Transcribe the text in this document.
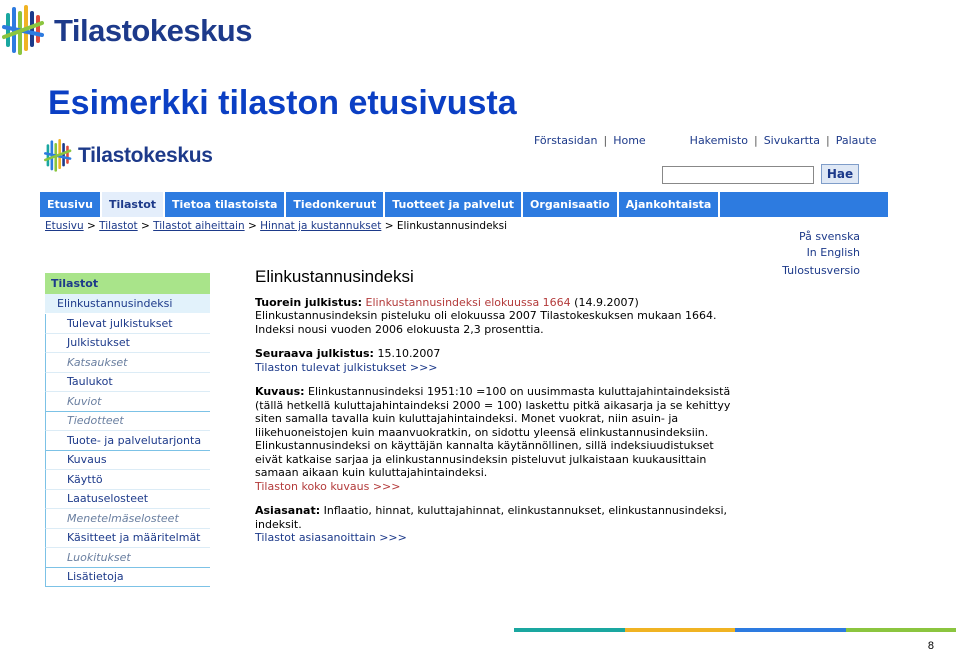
Tilastokeskus
Esimerkki tilaston etusivusta
Tilastokeskus
Förstasidan | Home	Hakemisto | Sivukartta | Palaute
Hae
Etusivu	Tilastot	Tietoa tilastoista	Tiedonkeruut	Tuotteet ja palvelut	Organisaatio	Ajankohtaista
Etusivu > Tilastot > Tilastot aiheittain > Hinnat ja kustannukset > Elinkustannusindeksi
På svenska
In English
Tulostusversio
Tilastot
Elinkustannusindeksi
Tulevat julkistukset
Julkistukset
Katsaukset
Taulukot
Kuviot
Tiedotteet
Tuote- ja palvelutarjonta
Kuvaus
Käyttö
Laatuselosteet
Menetelmäselosteet
Käsitteet ja määritelmät
Luokitukset
Lisätietoja
Elinkustannusindeksi
Tuorein julkistus: Elinkustannusindeksi elokuussa 1664 (14.9.2007)
Elinkustannusindeksin pisteluku oli elokuussa 2007 Tilastokeskuksen mukaan 1664. Indeksi nousi vuoden 2006 elokuusta 2,3 prosenttia.
Seuraava julkistus: 15.10.2007
Tilaston tulevat julkistukset >>>
Kuvaus: Elinkustannusindeksi 1951:10 =100 on uusimmasta kuluttajahintaindeksistä (tällä hetkellä kuluttajahintaindeksi 2000 = 100) laskettu pitkä aikasarja ja se kehittyy siten samalla tavalla kuin kuluttajahintaindeksi. Monet vuokrat, niin asuin- ja liikehuoneistojen kuin maanvuokratkin, on sidottu yleensä elinkustannusindeksiin. Elinkustannusindeksi on käyttäjän kannalta käytännöllinen, sillä indeksiuudistukset eivät katkaise sarjaa ja elinkustannusindeksin pisteluvut julkaistaan kuukausittain samaan aikaan kuin kuluttajahintaindeksi.
Tilaston koko kuvaus >>>
Asiasanat: Inflaatio, hinnat, kuluttajahinnat, elinkustannukset, elinkustannusindeksi, indeksit.
Tilastot asiasanoittain >>>
8
